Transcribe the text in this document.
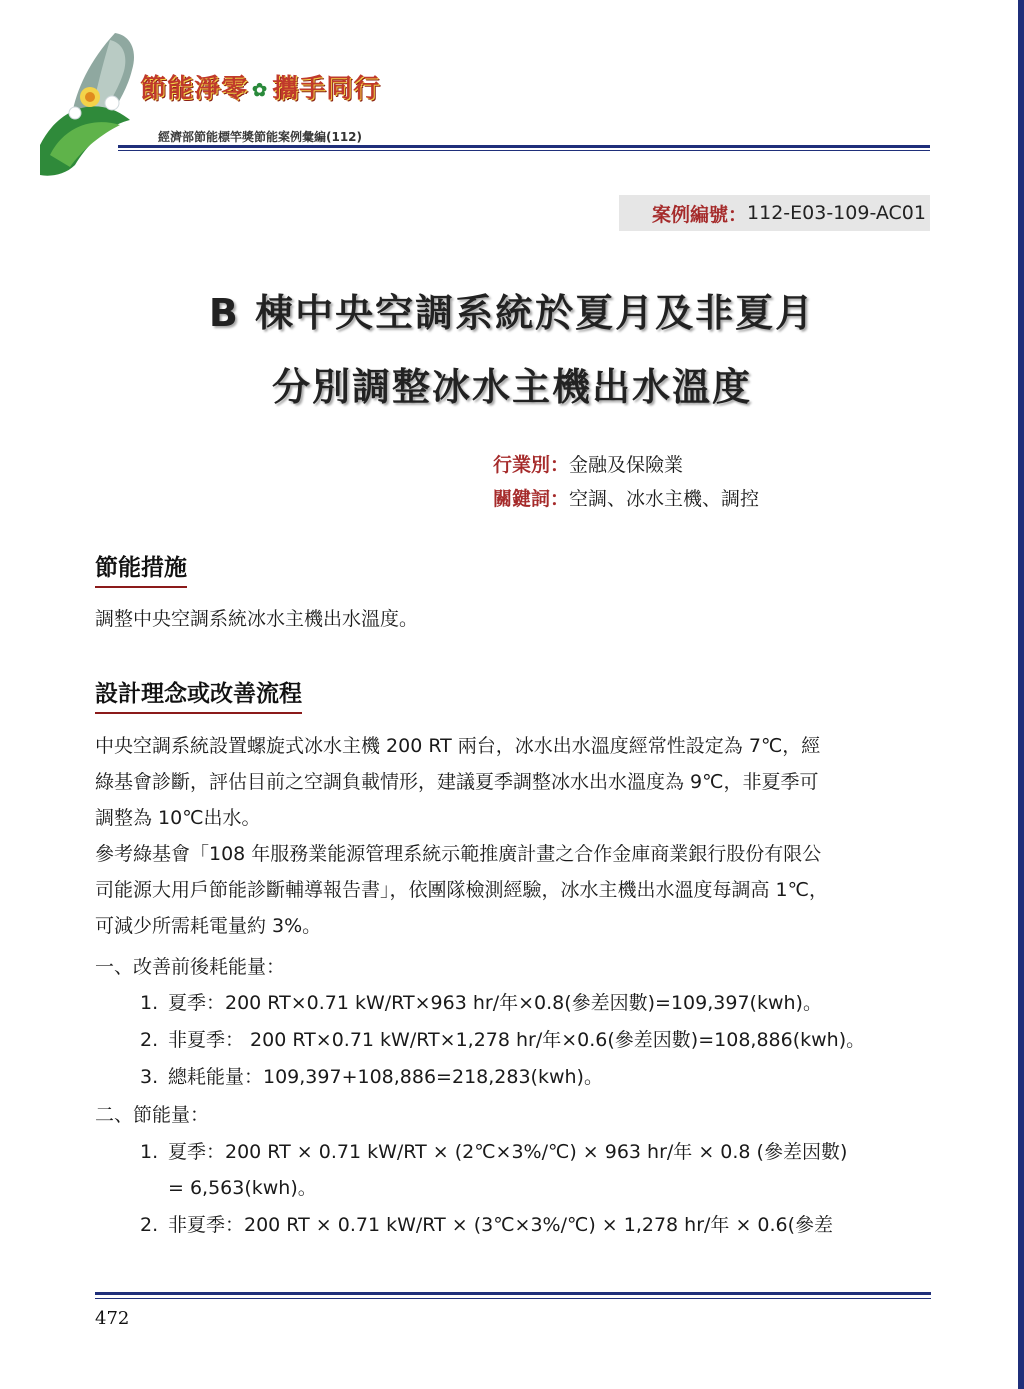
節能淨零 ✿ 攜手同行
經濟部節能標竿獎節能案例彙編(112)
案例編號： 112-E03-109-AC01
B 棟中央空調系統於夏月及非夏月
分別調整冰水主機出水溫度
行業別：金融及保險業
關鍵詞：空調、冰水主機、調控
節能措施
調整中央空調系統冰水主機出水溫度。
設計理念或改善流程
中央空調系統設置螺旋式冰水主機 200 RT 兩台，冰水出水溫度經常性設定為 7℃，經
綠基會診斷，評估目前之空調負載情形，建議夏季調整冰水出水溫度為 9℃，非夏季可
調整為 10℃出水。
參考綠基會「108 年服務業能源管理系統示範推廣計畫之合作金庫商業銀行股份有限公
司能源大用戶節能診斷輔導報告書」，依團隊檢測經驗，冰水主機出水溫度每調高 1℃，
可減少所需耗電量約 3%。
一、改善前後耗能量：
1. 夏季：200 RT×0.71 kW/RT×963 hr/年×0.8(參差因數)=109,397(kwh)。
2. 非夏季： 200 RT×0.71 kW/RT×1,278 hr/年×0.6(參差因數)=108,886(kwh)。
3. 總耗能量：109,397+108,886=218,283(kwh)。
二、節能量：
1. 夏季：200 RT × 0.71 kW/RT × (2℃×3%/℃) × 963 hr/年 × 0.8 (參差因數)
= 6,563(kwh)。
2. 非夏季：200 RT × 0.71 kW/RT × (3℃×3%/℃) × 1,278 hr/年 × 0.6(參差
472
